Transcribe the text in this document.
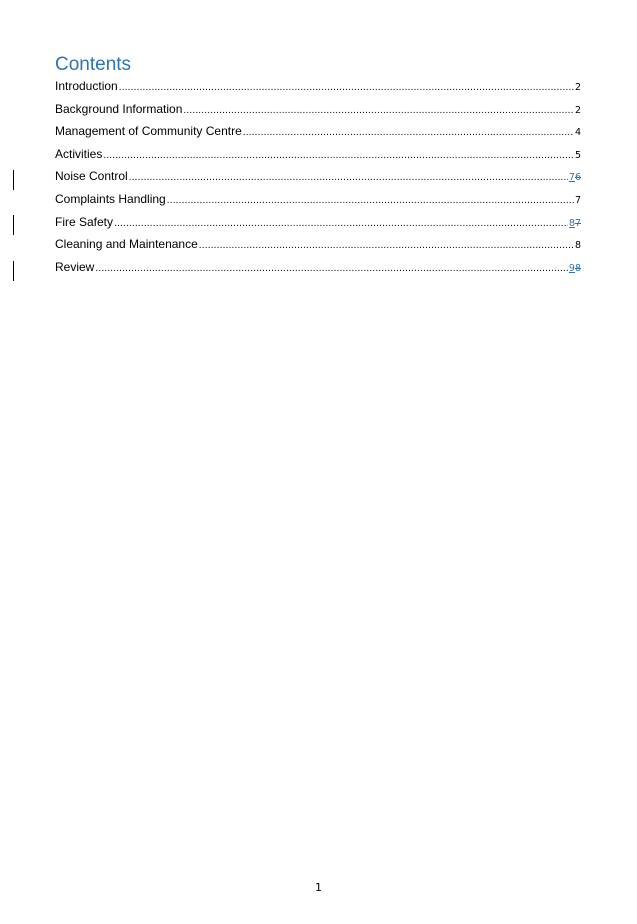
Contents
Introduction .....	2
Background Information .....	2
Management of Community Centre .....	4
Activities .....	5
Noise Control .....	76
Complaints Handling .....	7
Fire Safety .....	87
Cleaning and Maintenance .....	8
Review .....	98
1
